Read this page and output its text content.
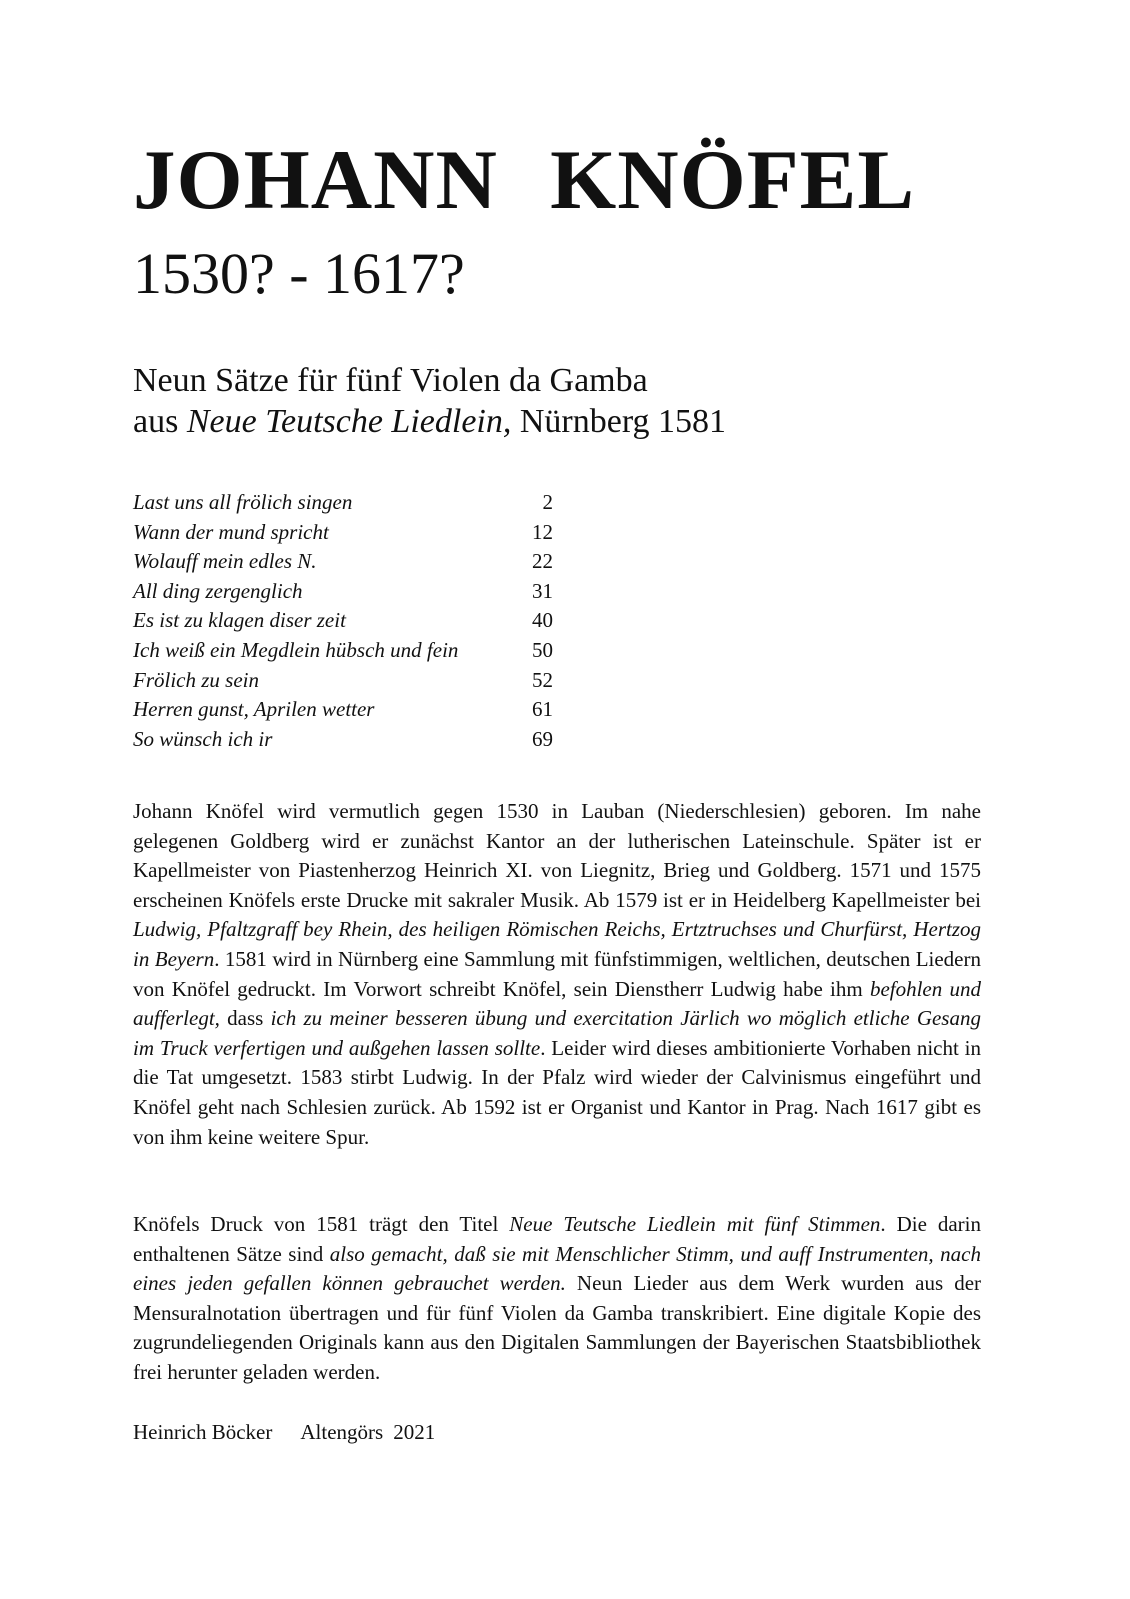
JOHANN KNÖFEL
1530? - 1617?
Neun Sätze für fünf Violen da Gamba
aus Neue Teutsche Liedlein, Nürnberg 1581
Last uns all frölich singen	2
Wann der mund spricht	12
Wolauff mein edles N.	22
All ding zergenglich	31
Es ist zu klagen diser zeit	40
Ich weiß ein Megdlein hübsch und fein	50
Frölich zu sein	52
Herren gunst, Aprilen wetter	61
So wünsch ich ir	69

Johann Knöfel wird vermutlich gegen 1530 in Lauban (Niederschlesien) geboren. Im nahe gelegenen Goldberg wird er zunächst Kantor an der lutherischen Lateinschule. Später ist er Kapellmeister von Piastenherzog Heinrich XI. von Liegnitz, Brieg und Goldberg. 1571 und 1575 erscheinen Knöfels erste Drucke mit sakraler Musik. Ab 1579 ist er in Heidelberg Kapellmeister bei Ludwig, Pfaltzgraff bey Rhein, des heiligen Römischen Reichs, Ertztruchses und Churfürst, Hertzog in Beyern. 1581 wird in Nürnberg eine Sammlung mit fünfstimmigen, weltlichen, deutschen Liedern von Knöfel gedruckt. Im Vorwort schreibt Knöfel, sein Dienstherr Ludwig habe ihm befohlen und aufferlegt, dass ich zu meiner besseren übung und exercitation Järlich wo möglich etliche Gesang im Truck verfertigen und außgehen lassen sollte. Leider wird dieses ambitionierte Vorhaben nicht in die Tat umgesetzt. 1583 stirbt Ludwig. In der Pfalz wird wieder der Calvinismus eingeführt und Knöfel geht nach Schlesien zurück. Ab 1592 ist er Organist und Kantor in Prag. Nach 1617 gibt es von ihm keine weitere Spur.

Knöfels Druck von 1581 trägt den Titel Neue Teutsche Liedlein mit fünf Stimmen. Die darin enthaltenen Sätze sind also gemacht, daß sie mit Menschlicher Stimm, und auff Instrumenten, nach eines jeden gefallen können gebrauchet werden. Neun Lieder aus dem Werk wurden aus der Mensuralnotation übertragen und für fünf Violen da Gamba transkribiert. Eine digitale Kopie des zugrundeliegenden Originals kann aus den Digitalen Sammlungen der Bayerischen Staatsbibliothek frei herunter geladen werden.

Heinrich Böcker Altengörs 2021
